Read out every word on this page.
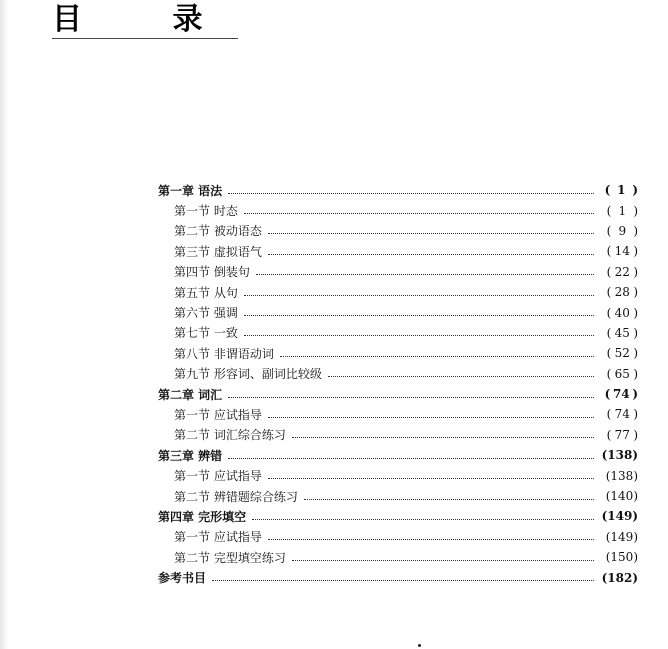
目 录
第一章 语法	( 1 )
第一节 时态	( 1 )
第二节 被动语态	( 9 )
第三节 虚拟语气	( 14 )
第四节 倒装句	( 22 )
第五节 从句	( 28 )
第六节 强调	( 40 )
第七节 一致	( 45 )
第八节 非谓语动词	( 52 )
第九节 形容词、副词比较级	( 65 )
第二章 词汇	( 74 )
第一节 应试指导	( 74 )
第二节 词汇综合练习	( 77 )
第三章 辨错	(138)
第一节 应试指导	(138)
第二节 辨错题综合练习	(140)
第四章 完形填空	(149)
第一节 应试指导	(149)
第二节 完型填空练习	(150)
参考书目	(182)
